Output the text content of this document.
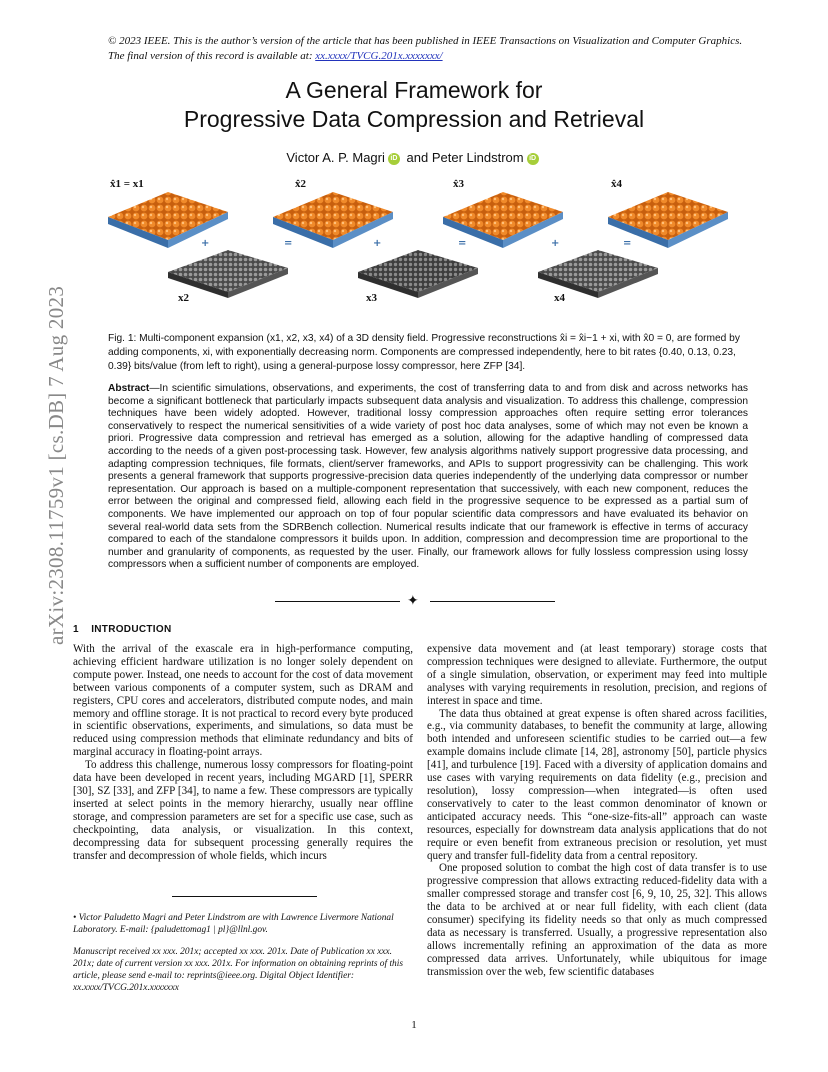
© 2023 IEEE. This is the author’s version of the article that has been published in IEEE Transactions on Visualization and Computer Graphics. The final version of this record is available at: xx.xxxx/TVCG.201x.xxxxxxx/
arXiv:2308.11759v1 [cs.DB] 7 Aug 2023
A General Framework for
Progressive Data Compression and Retrieval
Victor A. P. Magri iD and Peter Lindstrom iD
+	=	+	=	+	=
x̂1 = x1	x̂2	x̂3	x̂4
x2	x3	x4
Fig. 1: Multi-component expansion (x1, x2, x3, x4) of a 3D density field. Progressive reconstructions x̂i = x̂i−1 + xi, with x̂0 = 0, are formed by adding components, xi, with exponentially decreasing norm. Components are compressed independently, here to bit rates {0.40, 0.13, 0.23, 0.39} bits/value (from left to right), using a general-purpose lossy compressor, here ZFP [34].
Abstract—In scientific simulations, observations, and experiments, the cost of transferring data to and from disk and across networks has become a significant bottleneck that particularly impacts subsequent data analysis and visualization. To address this challenge, compression techniques have been widely adopted. However, traditional lossy compression approaches often require setting error tolerances conservatively to respect the numerical sensitivities of a wide variety of post hoc data analyses, some of which may not even be known a priori. Progressive data compression and retrieval has emerged as a solution, allowing for the adaptive handling of compressed data according to the needs of a given post-processing task. However, few analysis algorithms natively support progressive data processing, and adapting compression techniques, file formats, client/server frameworks, and APIs to support progressivity can be challenging. This work presents a general framework that supports progressive-precision data queries independently of the underlying data compressor or number representation. Our approach is based on a multiple-component representation that successively, with each new component, reduces the error between the original and compressed field, allowing each field in the progressive sequence to be expressed as a partial sum of components. We have implemented our approach on top of four popular scientific data compressors and have evaluated its behavior on several real-world data sets from the SDRBench collection. Numerical results indicate that our framework is effective in terms of accuracy compared to each of the standalone compressors it builds upon. In addition, compression and decompression time are proportional to the number and granularity of components, as requested by the user. Finally, our framework allows for fully lossless compression using lossy compressors when a sufficient number of components are employed.
✦
1 INTRODUCTION

With the arrival of the exascale era in high-performance computing, achieving efficient hardware utilization is no longer solely dependent on compute power. Instead, one needs to account for the cost of data movement between various components of a computer system, such as DRAM and registers, CPU cores and accelerators, distributed compute nodes, and main memory and offline storage. It is not practical to record every byte produced in scientific observations, experiments, and simulations, so data must be reduced using compression methods that eliminate redundancy and bits of marginal accuracy in floating-point arrays.

To address this challenge, numerous lossy compressors for floating-point data have been developed in recent years, including MGARD [1], SPERR [30], SZ [33], and ZFP [34], to name a few. These compressors are typically inserted at select points in the memory hierarchy, usually near offline storage, and compression parameters are set for a specific use case, such as checkpointing, data analysis, or visualization. In this context, decompressing data for subsequent processing generally requires the transfer and decompression of whole fields, which incurs

expensive data movement and (at least temporary) storage costs that compression techniques were designed to alleviate. Furthermore, the output of a single simulation, observation, or experiment may feed into multiple analyses with varying requirements in resolution, precision, and regions of interest in space and time.

The data thus obtained at great expense is often shared across facilities, e.g., via community databases, to benefit the community at large, allowing both intended and unforeseen scientific studies to be carried out—a few example domains include climate [14, 28], astronomy [50], particle physics [41], and turbulence [19]. Faced with a diversity of application domains and use cases with varying requirements on data fidelity (e.g., precision and resolution), lossy compression—when integrated—is often used conservatively to cater to the least common denominator of known or anticipated accuracy needs. This “one-size-fits-all” approach can waste resources, especially for downstream data analysis applications that do not require or even benefit from extraneous precision or resolution, yet must query and transfer full-fidelity data from a central repository.

One proposed solution to combat the high cost of data transfer is to use progressive compression that allows extracting reduced-fidelity data with a smaller compressed storage and transfer cost [6, 9, 10, 25, 32]. This allows the data to be archived at or near full fidelity, with each client (data consumer) specifying its fidelity needs so that only as much compressed data as necessary is transferred. Usually, a progressive representation also allows incrementally refining an approximation of the data as more compressed data arrives. Unfortunately, while ubiquitous for image transmission over the web, few scientific databases

• Victor Paludetto Magri and Peter Lindstrom are with Lawrence Livermore National Laboratory. E-mail: {paludettomag1 | pl}@llnl.gov.

Manuscript received xx xxx. 201x; accepted xx xxx. 201x. Date of Publication xx xxx. 201x; date of current version xx xxx. 201x. For information on obtaining reprints of this article, please send e-mail to: reprints@ieee.org. Digital Object Identifier: xx.xxxx/TVCG.201x.xxxxxxx

1
